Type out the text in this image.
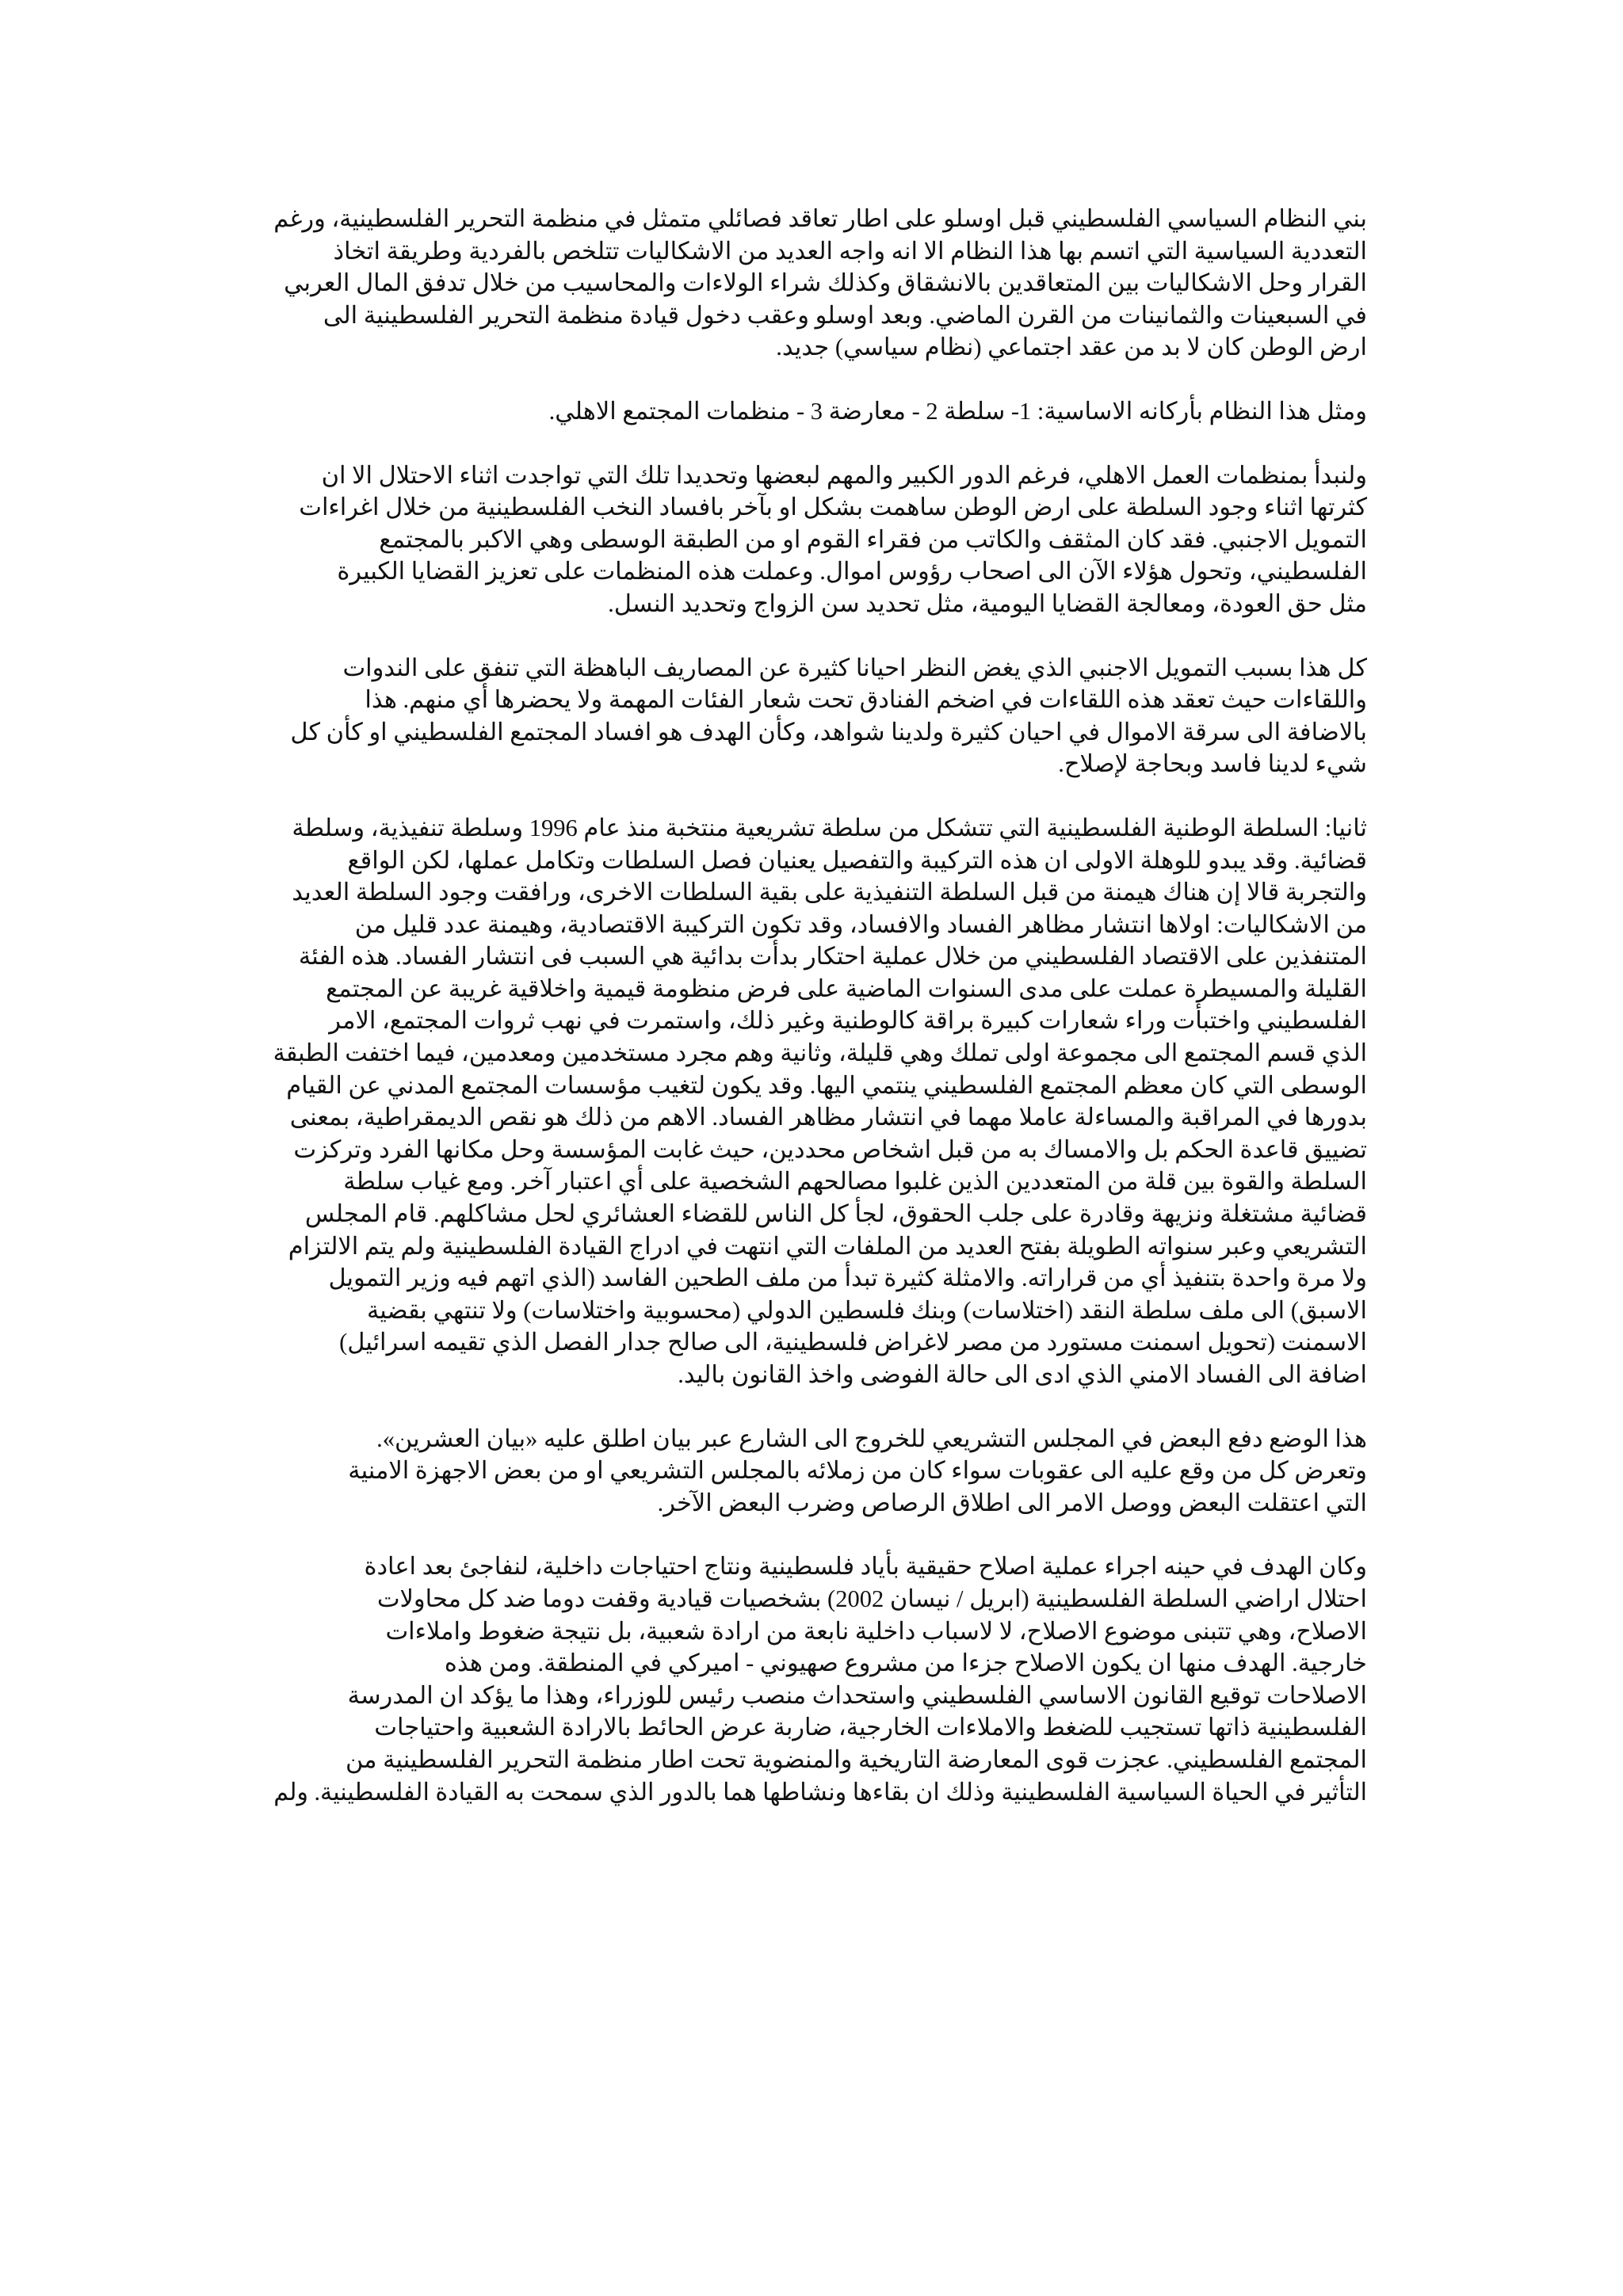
بني النظام السياسي الفلسطيني قبل اوسلو على اطار تعاقد فصائلي متمثل في منظمة التحرير الفلسطينية، ورغم
التعددية السياسية التي اتسم بها هذا النظام الا انه واجه العديد من الاشكاليات تتلخص بالفردية وطريقة اتخاذ
القرار وحل الاشكاليات بين المتعاقدين بالانشقاق وكذلك شراء الولاءات والمحاسيب من خلال تدفق المال العربي
في السبعينات والثمانينات من القرن الماضي. وبعد اوسلو وعقب دخول قيادة منظمة التحرير الفلسطينية الى
ارض الوطن كان لا بد من عقد اجتماعي (نظام سياسي) جديد.

ومثل هذا النظام بأركانه الاساسية: 1- سلطة 2 - معارضة 3 - منظمات المجتمع الاهلي.

ولنبدأ بمنظمات العمل الاهلي، فرغم الدور الكبير والمهم لبعضها وتحديدا تلك التي تواجدت اثناء الاحتلال الا ان
كثرتها اثناء وجود السلطة على ارض الوطن ساهمت بشكل او بآخر بافساد النخب الفلسطينية من خلال اغراءات
التمويل الاجنبي. فقد كان المثقف والكاتب من فقراء القوم او من الطبقة الوسطى وهي الاكبر بالمجتمع
الفلسطيني، وتحول هؤلاء الآن الى اصحاب رؤوس اموال. وعملت هذه المنظمات على تعزيز القضايا الكبيرة
مثل حق العودة، ومعالجة القضايا اليومية، مثل تحديد سن الزواج وتحديد النسل.

كل هذا بسبب التمويل الاجنبي الذي يغض النظر احيانا كثيرة عن المصاريف الباهظة التي تنفق على الندوات
واللقاءات حيث تعقد هذه اللقاءات في اضخم الفنادق تحت شعار الفئات المهمة ولا يحضرها أي منهم. هذا
بالاضافة الى سرقة الاموال في احيان كثيرة ولدينا شواهد، وكأن الهدف هو افساد المجتمع الفلسطيني او كأن كل
شيء لدينا فاسد وبحاجة لإصلاح.

ثانيا: السلطة الوطنية الفلسطينية التي تتشكل من سلطة تشريعية منتخبة منذ عام 1996 وسلطة تنفيذية، وسلطة
قضائية. وقد يبدو للوهلة الاولى ان هذه التركيبة والتفصيل يعنيان فصل السلطات وتكامل عملها، لكن الواقع
والتجربة قالا إن هناك هيمنة من قبل السلطة التنفيذية على بقية السلطات الاخرى، ورافقت وجود السلطة العديد
من الاشكاليات: اولاها انتشار مظاهر الفساد والافساد، وقد تكون التركيبة الاقتصادية، وهيمنة عدد قليل من
المتنفذين على الاقتصاد الفلسطيني من خلال عملية احتكار بدأت بدائية هي السبب فى انتشار الفساد. هذه الفئة
القليلة والمسيطرة عملت على مدى السنوات الماضية على فرض منظومة قيمية واخلاقية غريبة عن المجتمع
الفلسطيني واختبأت وراء شعارات كبيرة براقة كالوطنية وغير ذلك، واستمرت في نهب ثروات المجتمع، الامر
الذي قسم المجتمع الى مجموعة اولى تملك وهي قليلة، وثانية وهم مجرد مستخدمين ومعدمين، فيما اختفت الطبقة
الوسطى التي كان معظم المجتمع الفلسطيني ينتمي اليها. وقد يكون لتغيب مؤسسات المجتمع المدني عن القيام
بدورها في المراقبة والمساءلة عاملا مهما في انتشار مظاهر الفساد. الاهم من ذلك هو نقص الديمقراطية، بمعنى
تضييق قاعدة الحكم بل والامساك به من قبل اشخاص محددين، حيث غابت المؤسسة وحل مكانها الفرد وتركزت
السلطة والقوة بين قلة من المتعددين الذين غلبوا مصالحهم الشخصية على أي اعتبار آخر. ومع غياب سلطة
قضائية مشتغلة ونزيهة وقادرة على جلب الحقوق، لجأ كل الناس للقضاء العشائري لحل مشاكلهم. قام المجلس
التشريعي وعبر سنواته الطويلة بفتح العديد من الملفات التي انتهت في ادراج القيادة الفلسطينية ولم يتم الالتزام
ولا مرة واحدة بتنفيذ أي من قراراته. والامثلة كثيرة تبدأ من ملف الطحين الفاسد (الذي اتهم فيه وزير التمويل
الاسبق) الى ملف سلطة النقد (اختلاسات) وبنك فلسطين الدولي (محسوبية واختلاسات) ولا تنتهي بقضية
الاسمنت (تحويل اسمنت مستورد من مصر لاغراض فلسطينية، الى صالح جدار الفصل الذي تقيمه اسرائيل)
اضافة الى الفساد الامني الذي ادى الى حالة الفوضى واخذ القانون باليد.

هذا الوضع دفع البعض في المجلس التشريعي للخروج الى الشارع عبر بيان اطلق عليه «بيان العشرين».
وتعرض كل من وقع عليه الى عقوبات سواء كان من زملائه بالمجلس التشريعي او من بعض الاجهزة الامنية
التي اعتقلت البعض ووصل الامر الى اطلاق الرصاص وضرب البعض الآخر.

وكان الهدف في حينه اجراء عملية اصلاح حقيقية بأياد فلسطينية ونتاج احتياجات داخلية، لنفاجئ بعد اعادة
احتلال اراضي السلطة الفلسطينية (ابريل / نيسان 2002) بشخصيات قيادية وقفت دوما ضد كل محاولات
الاصلاح، وهي تتبنى موضوع الاصلاح، لا لاسباب داخلية نابعة من ارادة شعبية، بل نتيجة ضغوط واملاءات
خارجية. الهدف منها ان يكون الاصلاح جزءا من مشروع صهيوني - اميركي في المنطقة. ومن هذه
الاصلاحات توقيع القانون الاساسي الفلسطيني واستحداث منصب رئيس للوزراء، وهذا ما يؤكد ان المدرسة
الفلسطينية ذاتها تستجيب للضغط والاملاءات الخارجية، ضاربة عرض الحائط بالارادة الشعبية واحتياجات
المجتمع الفلسطيني. عجزت قوى المعارضة التاريخية والمنضوية تحت اطار منظمة التحرير الفلسطينية من
التأثير في الحياة السياسية الفلسطينية وذلك ان بقاءها ونشاطها هما بالدور الذي سمحت به القيادة الفلسطينية. ولم
